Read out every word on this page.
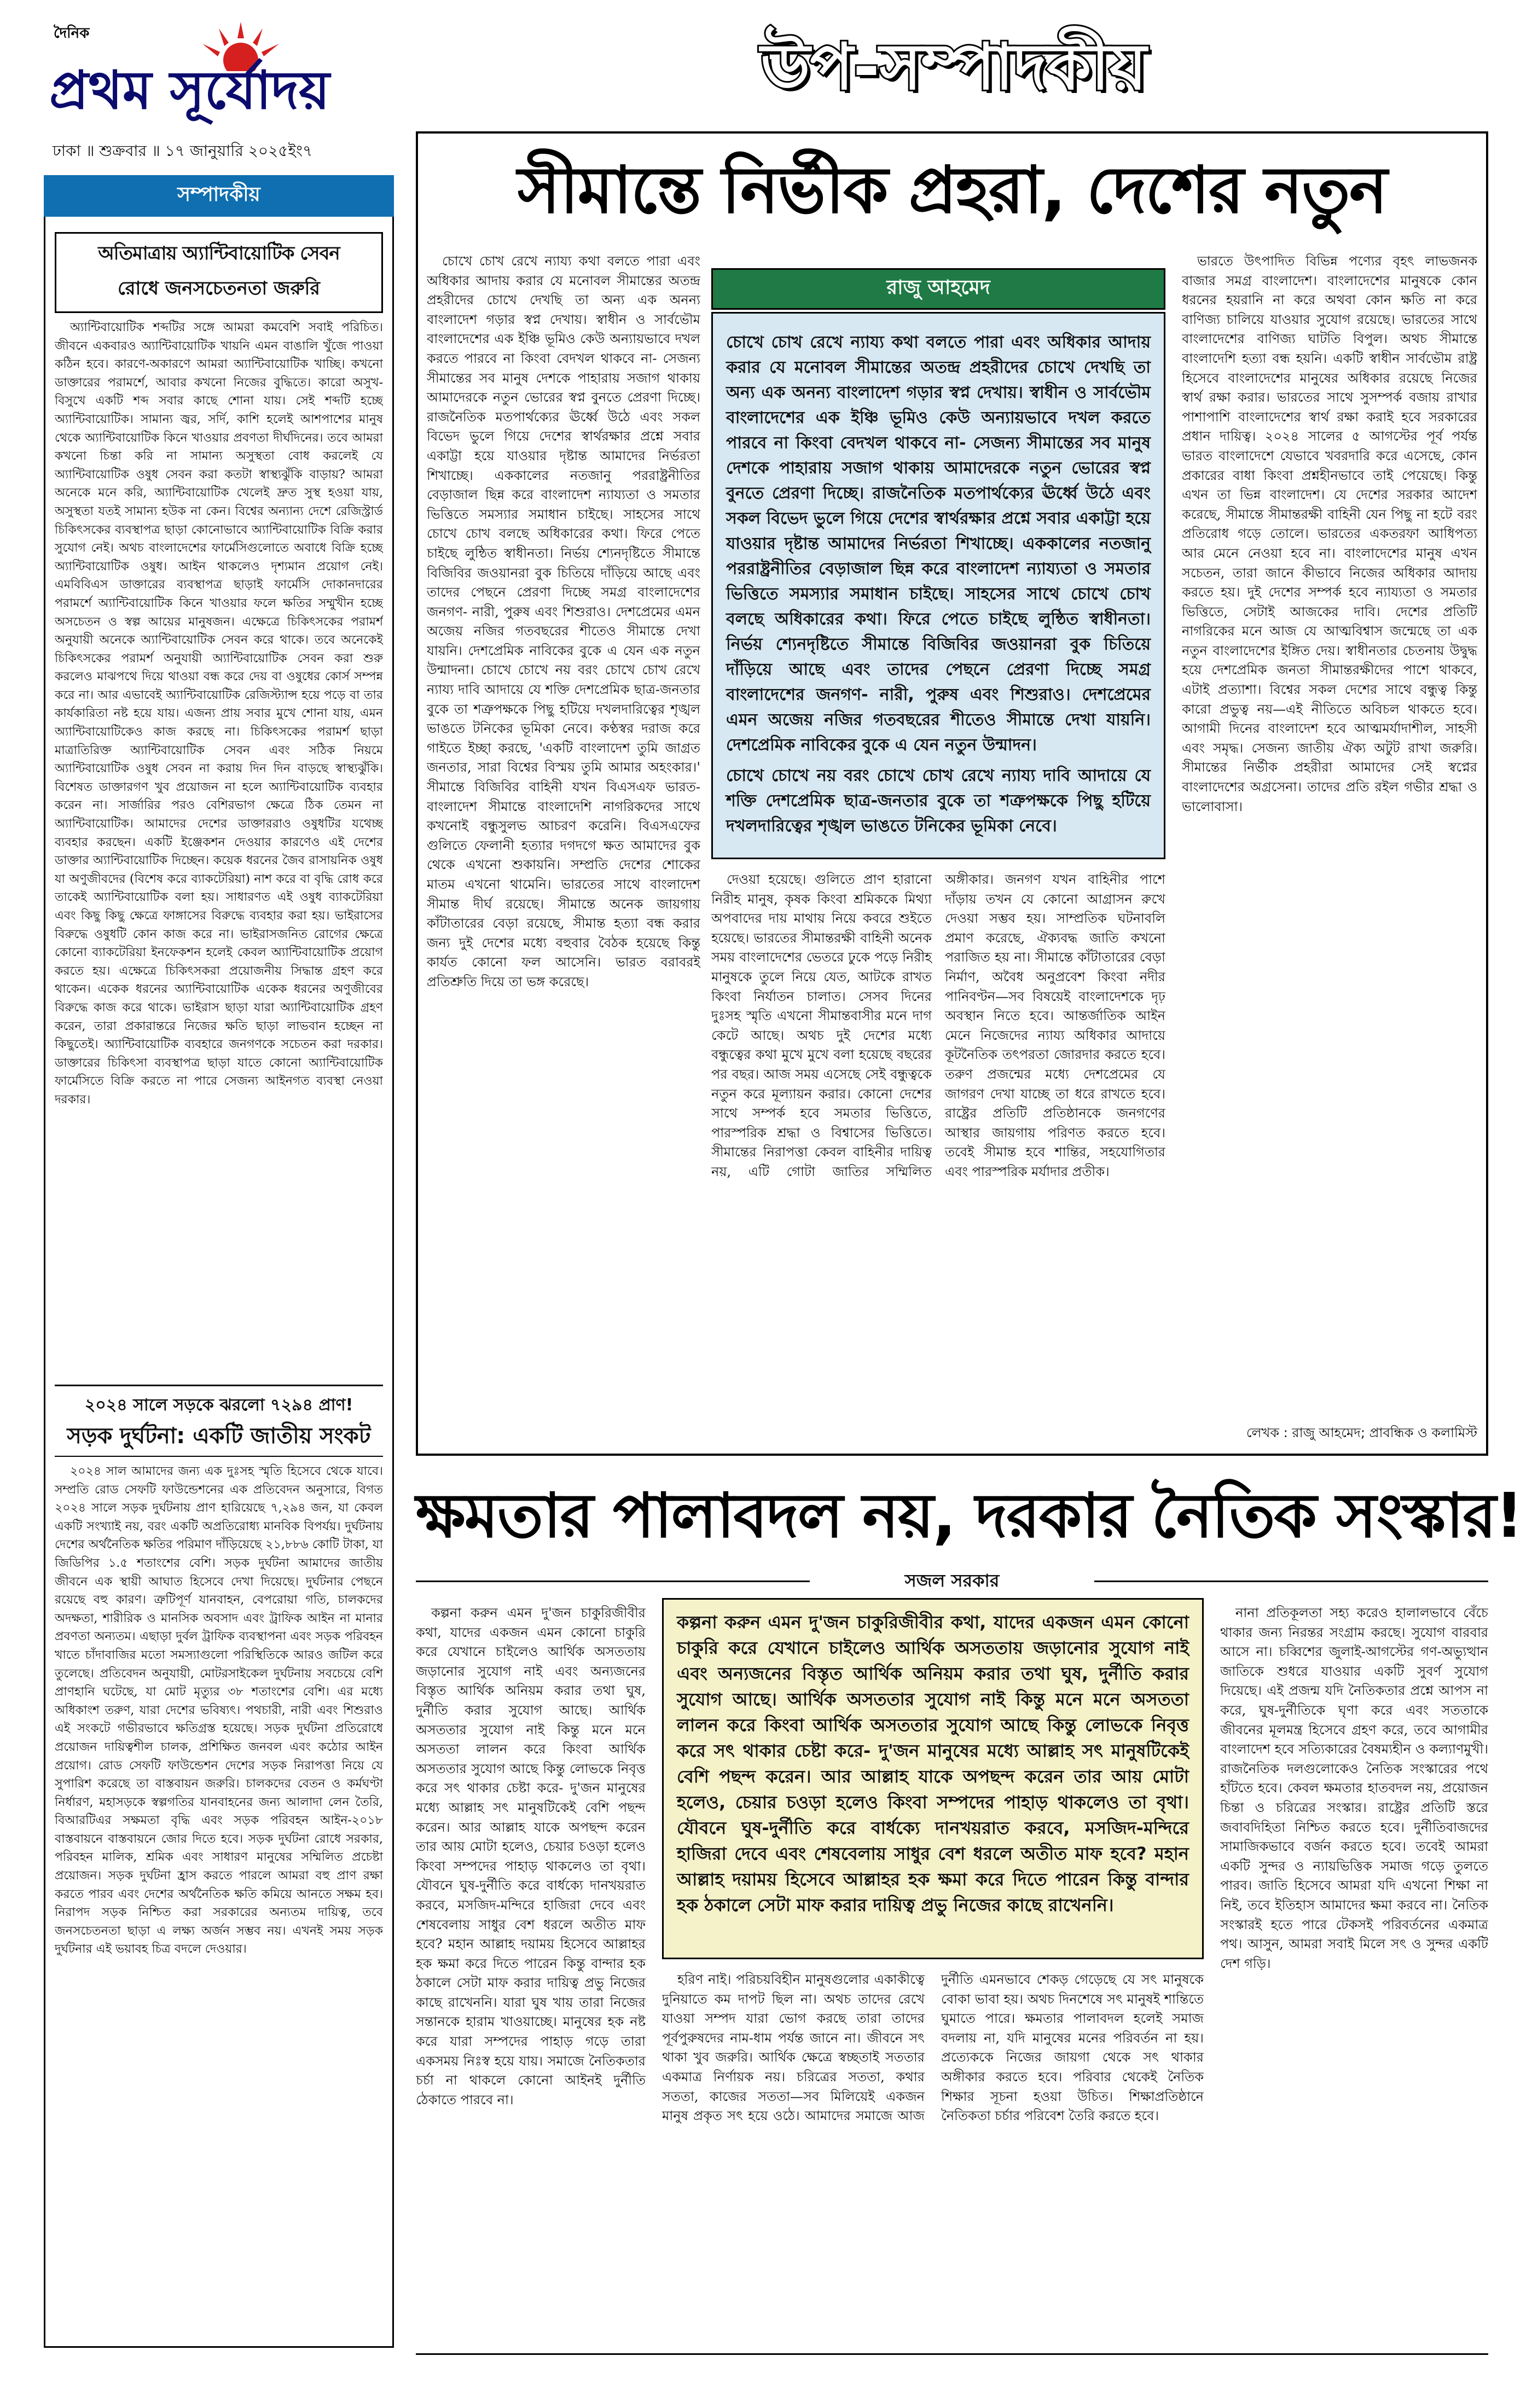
দৈনিক
প্রথম সূর্যোদয়
ঢাকা ॥ শুক্রবার ॥ ১৭ জানুয়ারি ২০২৫ইং৭
উপ-সম্পাদকীয়
সম্পাদকীয়
অতিমাত্রায় অ্যান্টিবায়োটিক সেবন
রোধে জনসচেতনতা জরুরি

অ্যান্টিবায়োটিক শব্দটির সঙ্গে আমরা কমবেশি সবাই পরিচিত। জীবনে একবারও অ্যান্টিবায়োটিক খায়নি এমন বাঙালি খুঁজে পাওয়া কঠিন হবে। কারণে-অকারণে আমরা অ্যান্টিবায়োটিক খাচ্ছি। কখনো ডাক্তারের পরামর্শে, আবার কখনো নিজের বুদ্ধিতে। কারো অসুখ-বিসুখে একটি শব্দ সবার কাছে শোনা যায়। সেই শব্দটি হচ্ছে অ্যান্টিবায়োটিক। সামান্য জ্বর, সর্দি, কাশি হলেই আশপাশের মানুষ থেকে অ্যান্টিবায়োটিক কিনে খাওয়ার প্রবণতা দীর্ঘদিনের। তবে আমরা কখনো চিন্তা করি না সামান্য অসুস্থতা বোধ করলেই যে অ্যান্টিবায়োটিক ওষুধ সেবন করা কতটা স্বাস্থ্যঝুঁকি বাড়ায়? আমরা অনেকে মনে করি, অ্যান্টিবায়োটিক খেলেই দ্রুত সুস্থ হওয়া যায়, অসুস্থতা যতই সামান্য হউক না কেন। বিশ্বের অন্যান্য দেশে রেজিস্ট্রার্ড চিকিৎসকের ব্যবস্থাপত্র ছাড়া কোনোভাবে অ্যান্টিবায়োটিক বিক্রি করার সুযোগ নেই। অথচ বাংলাদেশের ফার্মেসিগুলোতে অবাধে বিক্রি হচ্ছে অ্যান্টিবায়োটিক ওষুধ। আইন থাকলেও দৃশ্যমান প্রয়োগ নেই। এমবিবিএস ডাক্তারের ব্যবস্থাপত্র ছাড়াই ফার্মেসি দোকানদারের পরামর্শে অ্যান্টিবায়োটিক কিনে খাওয়ার ফলে ক্ষতির সম্মুখীন হচ্ছে অসচেতন ও স্বল্প আয়ের মানুষজন। এক্ষেত্রে চিকিৎসকের পরামর্শ অনুযায়ী অনেকে অ্যান্টিবায়োটিক সেবন করে থাকে। তবে অনেকেই চিকিৎসকের পরামর্শ অনুযায়ী অ্যান্টিবায়োটিক সেবন করা শুরু করলেও মাঝপথে দিয়ে থাওয়া বন্ধ করে দেয় বা ওষুধের কোর্স সম্পন্ন করে না। আর এভাবেই অ্যান্টিবায়োটিক রেজিস্ট্যান্স হয়ে পড়ে বা তার কার্যকারিতা নষ্ট হয়ে যায়। এজন্য প্রায় সবার মুখে শোনা যায়, এমন অ্যান্টিবায়োটিকেও কাজ করছে না। চিকিৎসকের পরামর্শ ছাড়া মাত্রাতিরিক্ত অ্যান্টিবায়োটিক সেবন এবং সঠিক নিয়মে অ্যান্টিবায়োটিক ওষুধ সেবন না করায় দিন দিন বাড়ছে স্বাস্থ্যঝুঁকি। বিশেষত ডাক্তারগণ খুব প্রয়োজন না হলে অ্যান্টিবায়োটিক ব্যবহার করেন না। সার্জারির পরও বেশিরভাগ ক্ষেত্রে ঠিক তেমন না অ্যান্টিবায়োটিক। আমাদের দেশের ডাক্তাররাও ওষুধটির যথেচ্ছ ব্যবহার করছেন। একটি ইঞ্জেকশন দেওয়ার কারণেও এই দেশের ডাক্তার অ্যান্টিবায়োটিক দিচ্ছেন। কয়েক ধরনের জৈব রাসায়নিক ওষুধ যা অণুজীবদের (বিশেষ করে ব্যাকটেরিয়া) নাশ করে বা বৃদ্ধি রোধ করে তাকেই অ্যান্টিবায়োটিক বলা হয়। সাধারণত এই ওষুধ ব্যাকটেরিয়া এবং কিছু কিছু ক্ষেত্রে ফাঙ্গাসের বিরুদ্ধে ব্যবহার করা হয়। ভাইরাসের বিরুদ্ধে ওষুধটি কোন কাজ করে না। ভাইরাসজনিত রোগের ক্ষেত্রে কোনো ব্যাকটেরিয়া ইনফেকশন হলেই কেবল অ্যান্টিবায়োটিক প্রয়োগ করতে হয়। এক্ষেত্রে চিকিৎসকরা প্রয়োজনীয় সিদ্ধান্ত গ্রহণ করে থাকেন। একেক ধরনের অ্যান্টিবায়োটিক একেক ধরনের অণুজীবের বিরুদ্ধে কাজ করে থাকে। ভাইরাস ছাড়া যারা অ্যান্টিবায়োটিক গ্রহণ করেন, তারা প্রকারান্তরে নিজের ক্ষতি ছাড়া লাভবান হচ্ছেন না কিছুতেই। অ্যান্টিবায়োটিক ব্যবহারে জনগণকে সচেতন করা দরকার। ডাক্তারের চিকিৎসা ব্যবস্থাপত্র ছাড়া যাতে কোনো অ্যান্টিবায়োটিক ফার্মেসিতে বিক্রি করতে না পারে সেজন্য আইনগত ব্যবস্থা নেওয়া দরকার।

২০২৪ সালে সড়কে ঝরলো ৭২৯৪ প্রাণ!
সড়ক দুর্ঘটনা: একটি জাতীয় সংকট

২০২৪ সাল আমাদের জন্য এক দুঃসহ স্মৃতি হিসেবে থেকে যাবে। সম্প্রতি রোড সেফটি ফাউন্ডেশনের এক প্রতিবেদন অনুসারে, বিগত ২০২৪ সালে সড়ক দুর্ঘটনায় প্রাণ হারিয়েছে ৭,২৯৪ জন, যা কেবল একটি সংখ্যাই নয়, বরং একটি অপ্রতিরোধ্য মানবিক বিপর্যয়। দুর্ঘটনায় দেশের অর্থনৈতিক ক্ষতির পরিমাণ দাঁড়িয়েছে ২১,৮৮৬ কোটি টাকা, যা জিডিপির ১.৫ শতাংশের বেশি। সড়ক দুর্ঘটনা আমাদের জাতীয় জীবনে এক স্থায়ী আঘাত হিসেবে দেখা দিয়েছে। দুর্ঘটনার পেছনে রয়েছে বহু কারণ। ত্রুটিপূর্ণ যানবাহন, বেপরোয়া গতি, চালকদের অদক্ষতা, শারীরিক ও মানসিক অবসাদ এবং ট্রাফিক আইন না মানার প্রবণতা অন্যতম। এছাড়া দুর্বল ট্রাফিক ব্যবস্থাপনা এবং সড়ক পরিবহন খাতে চাঁদাবাজির মতো সমস্যাগুলো পরিস্থিতিকে আরও জটিল করে তুলেছে। প্রতিবেদন অনুযায়ী, মোটরসাইকেল দুর্ঘটনায় সবচেয়ে বেশি প্রাণহানি ঘটেছে, যা মোট মৃত্যুর ৩৮ শতাংশের বেশি। এর মধ্যে অধিকাংশ তরুণ, যারা দেশের ভবিষ্যৎ। পথচারী, নারী এবং শিশুরাও এই সংকটে গভীরভাবে ক্ষতিগ্রস্ত হয়েছে। সড়ক দুর্ঘটনা প্রতিরোধে প্রয়োজন দায়িত্বশীল চালক, প্রশিক্ষিত জনবল এবং কঠোর আইন প্রয়োগ। রোড সেফটি ফাউন্ডেশন দেশের সড়ক নিরাপত্তা নিয়ে যে সুপারিশ করেছে তা বাস্তবায়ন জরুরি। চালকদের বেতন ও কর্মঘণ্টা নির্ধারণ, মহাসড়কে স্বল্পগতির যানবাহনের জন্য আলাদা লেন তৈরি, বিআরটিএর সক্ষমতা বৃদ্ধি এবং সড়ক পরিবহন আইন-২০১৮ বাস্তবায়নে বাস্তবায়নে জোর দিতে হবে। সড়ক দুর্ঘটনা রোধে সরকার, পরিবহন মালিক, শ্রমিক এবং সাধারণ মানুষের সম্মিলিত প্রচেষ্টা প্রয়োজন। সড়ক দুর্ঘটনা হ্রাস করতে পারলে আমরা বহু প্রাণ রক্ষা করতে পারব এবং দেশের অর্থনৈতিক ক্ষতি কমিয়ে আনতে সক্ষম হব। নিরাপদ সড়ক নিশ্চিত করা সরকারের অন্যতম দায়িত্ব, তবে জনসচেতনতা ছাড়া এ লক্ষ্য অর্জন সম্ভব নয়। এখনই সময় সড়ক দুর্ঘটনার এই ভয়াবহ চিত্র বদলে দেওয়ার।

সীমান্তে নির্ভীক প্রহরা, দেশের নতুন

চোখে চোখ রেখে ন্যায্য কথা বলতে পারা এবং অধিকার আদায় করার যে মনোবল সীমান্তের অতন্দ্র প্রহরীদের চোখে দেখছি তা অন্য এক অনন্য বাংলাদেশ গড়ার স্বপ্ন দেখায়। স্বাধীন ও সার্বভৌম বাংলাদেশের এক ইঞ্চি ভূমিও কেউ অন্যায়ভাবে দখল করতে পারবে না কিংবা বেদখল থাকবে না- সেজন্য সীমান্তের সব মানুষ দেশকে পাহারায় সজাগ থাকায় আমাদেরকে নতুন ভোরের স্বপ্ন বুনতে প্রেরণা দিচ্ছে। রাজনৈতিক মতপার্থক্যের ঊর্ধ্বে উঠে এবং সকল বিভেদ ভুলে গিয়ে দেশের স্বার্থরক্ষার প্রশ্নে সবার একাট্টা হয়ে যাওয়ার দৃষ্টান্ত আমাদের নির্ভরতা শিখাচ্ছে। এককালের নতজানু পররাষ্ট্রনীতির বেড়াজাল ছিন্ন করে বাংলাদেশ ন্যায্যতা ও সমতার ভিত্তিতে সমস্যার সমাধান চাইছে। সাহসের সাথে চোখে চোখ বলছে অধিকারের কথা। ফিরে পেতে চাইছে লুন্ঠিত স্বাধীনতা। নির্ভয় শ্যেনদৃষ্টিতে সীমান্তে বিজিবির জওয়ানরা বুক চিতিয়ে দাঁড়িয়ে আছে এবং তাদের পেছনে প্রেরণা দিচ্ছে সমগ্র বাংলাদেশের জনগণ- নারী, পুরুষ এবং শিশুরাও। দেশপ্রেমের এমন অজেয় নজির গতবছরের শীতেও সীমান্তে দেখা যায়নি। দেশপ্রেমিক নাবিকের বুকে এ যেন এক নতুন উন্মাদনা। চোখে চোখে নয় বরং চোখে চোখ রেখে ন্যায্য দাবি আদায়ে যে শক্তি দেশপ্রেমিক ছাত্র-জনতার বুকে তা শত্রুপক্ষকে পিছু হটিয়ে দখলদারিত্বের শৃঙ্খল ভাঙতে টনিকের ভূমিকা নেবে। কণ্ঠস্বর দরাজ করে গাইতে ইচ্ছা করছে, 'একটি বাংলাদেশ তুমি জাগ্রত জনতার, সারা বিশ্বের বিস্ময় তুমি আমার অহংকার।' সীমান্তে বিজিবির বাহিনী যখন বিএসএফ ভারত-বাংলাদেশ সীমান্তে বাংলাদেশি নাগরিকদের সাথে কখনোই বন্ধুসুলভ আচরণ করেনি। বিএসএফের গুলিতে ফেলানী হত্যার দগদগে ক্ষত আমাদের বুক থেকে এখনো শুকায়নি। সম্প্রতি দেশের শোকের মাতম এখনো থামেনি। ভারতের সাথে বাংলাদেশ সীমান্ত দীর্ঘ রয়েছে। সীমান্তে অনেক জায়গায় কাঁটাতারের বেড়া রয়েছে, সীমান্ত হত্যা বন্ধ করার জন্য দুই দেশের মধ্যে বহুবার বৈঠক হয়েছে কিন্তু কার্যত কোনো ফল আসেনি। ভারত বরাবরই প্রতিশ্রুতি দিয়ে তা ভঙ্গ করেছে।

রাজু আহমেদ

চোখে চোখ রেখে ন্যায্য কথা বলতে পারা এবং অধিকার আদায় করার যে মনোবল সীমান্তের অতন্দ্র প্রহরীদের চোখে দেখছি তা অন্য এক অনন্য বাংলাদেশ গড়ার স্বপ্ন দেখায়। স্বাধীন ও সার্বভৌম বাংলাদেশের এক ইঞ্চি ভূমিও কেউ অন্যায়ভাবে দখল করতে পারবে না কিংবা বেদখল থাকবে না- সেজন্য সীমান্তের সব মানুষ দেশকে পাহারায় সজাগ থাকায় আমাদেরকে নতুন ভোরের স্বপ্ন বুনতে প্রেরণা দিচ্ছে। রাজনৈতিক মতপার্থক্যের ঊর্ধ্বে উঠে এবং সকল বিভেদ ভুলে গিয়ে দেশের স্বার্থরক্ষার প্রশ্নে সবার একাট্টা হয়ে যাওয়ার দৃষ্টান্ত আমাদের নির্ভরতা শিখাচ্ছে। এককালের নতজানু পররাষ্ট্রনীতির বেড়াজাল ছিন্ন করে বাংলাদেশ ন্যায্যতা ও সমতার ভিত্তিতে সমস্যার সমাধান চাইছে। সাহসের সাথে চোখে চোখ বলছে অধিকারের কথা। ফিরে পেতে চাইছে লুন্ঠিত স্বাধীনতা। নির্ভয় শ্যেনদৃষ্টিতে সীমান্তে বিজিবির জওয়ানরা বুক চিতিয়ে দাঁড়িয়ে আছে এবং তাদের পেছনে প্রেরণা দিচ্ছে সমগ্র বাংলাদেশের জনগণ- নারী, পুরুষ এবং শিশুরাও। দেশপ্রেমের এমন অজেয় নজির গতবছরের শীতেও সীমান্তে দেখা যায়নি। দেশপ্রেমিক নাবিকের বুকে এ যেন নতুন উন্মাদন।

চোখে চোখে নয় বরং চোখে চোখ রেখে ন্যায্য দাবি আদায়ে যে শক্তি দেশপ্রেমিক ছাত্র-জনতার বুকে তা শত্রুপক্ষকে পিছু হটিয়ে দখলদারিত্বের শৃঙ্খল ভাঙতে টনিকের ভূমিকা নেবে।

দেওয়া হয়েছে। গুলিতে প্রাণ হারানো নিরীহ মানুষ, কৃষক কিংবা শ্রমিককে মিথ্যা অপবাদের দায় মাথায় নিয়ে কবরে শুইতে হয়েছে। ভারতের সীমান্তরক্ষী বাহিনী অনেক সময় বাংলাদেশের ভেতরে ঢুকে পড়ে নিরীহ মানুষকে তুলে নিয়ে যেত, আটকে রাখত কিংবা নির্যাতন চালাত। সেসব দিনের দুঃসহ স্মৃতি এখনো সীমান্তবাসীর মনে দাগ কেটে আছে। অথচ দুই দেশের মধ্যে বন্ধুত্বের কথা মুখে মুখে বলা হয়েছে বছরের পর বছর। আজ সময় এসেছে সেই বন্ধুত্বকে নতুন করে মূল্যায়ন করার। কোনো দেশের সাথে সম্পর্ক হবে সমতার ভিত্তিতে, পারস্পরিক শ্রদ্ধা ও বিশ্বাসের ভিত্তিতে। সীমান্তের নিরাপত্তা কেবল বাহিনীর দায়িত্ব নয়, এটি গোটা জাতির সম্মিলিত অঙ্গীকার। জনগণ যখন বাহিনীর পাশে দাঁড়ায় তখন যে কোনো আগ্রাসন রুখে দেওয়া সম্ভব হয়। সাম্প্রতিক ঘটনাবলি প্রমাণ করেছে, ঐক্যবদ্ধ জাতি কখনো পরাজিত হয় না। সীমান্তে কাঁটাতারের বেড়া নির্মাণ, অবৈধ অনুপ্রবেশ কিংবা নদীর পানিবণ্টন—সব বিষয়েই বাংলাদেশকে দৃঢ় অবস্থান নিতে হবে। আন্তর্জাতিক আইন মেনে নিজেদের ন্যায্য অধিকার আদায়ে কূটনৈতিক তৎপরতা জোরদার করতে হবে। তরুণ প্রজন্মের মধ্যে দেশপ্রেমের যে জাগরণ দেখা যাচ্ছে তা ধরে রাখতে হবে। রাষ্ট্রের প্রতিটি প্রতিষ্ঠানকে জনগণের আস্থার জায়গায় পরিণত করতে হবে। তবেই সীমান্ত হবে শান্তির, সহযোগিতার এবং পারস্পরিক মর্যাদার প্রতীক।

ভারতে উৎপাদিত বিভিন্ন পণ্যের বৃহৎ লাভজনক বাজার সমগ্র বাংলাদেশ। বাংলাদেশের মানুষকে কোন ধরনের হয়রানি না করে অথবা কোন ক্ষতি না করে বাণিজ্য চালিয়ে যাওয়ার সুযোগ রয়েছে। ভারতের সাথে বাংলাদেশের বাণিজ্য ঘাটতি বিপুল। অথচ সীমান্তে বাংলাদেশি হত্যা বন্ধ হয়নি। একটি স্বাধীন সার্বভৌম রাষ্ট্র হিসেবে বাংলাদেশের মানুষের অধিকার রয়েছে নিজের স্বার্থ রক্ষা করার। ভারতের সাথে সুসম্পর্ক বজায় রাখার পাশাপাশি বাংলাদেশের স্বার্থ রক্ষা করাই হবে সরকারের প্রধান দায়িত্ব। ২০২৪ সালের ৫ আগস্টের পূর্ব পর্যন্ত ভারত বাংলাদেশে যেভাবে খবরদারি করে এসেছে, কোন প্রকারের বাধা কিংবা প্রশ্নহীনভাবে তাই পেয়েছে। কিন্তু এখন তা ভিন্ন বাংলাদেশ। যে দেশের সরকার আদেশ করেছে, সীমান্তে সীমান্তরক্ষী বাহিনী যেন পিছু না হটে বরং প্রতিরোধ গড়ে তোলে। ভারতের একতরফা আধিপত্য আর মেনে নেওয়া হবে না। বাংলাদেশের মানুষ এখন সচেতন, তারা জানে কীভাবে নিজের অধিকার আদায় করতে হয়। দুই দেশের সম্পর্ক হবে ন্যায্যতা ও সমতার ভিত্তিতে, সেটাই আজকের দাবি। দেশের প্রতিটি নাগরিকের মনে আজ যে আত্মবিশ্বাস জন্মেছে তা এক নতুন বাংলাদেশের ইঙ্গিত দেয়। স্বাধীনতার চেতনায় উদ্বুদ্ধ হয়ে দেশপ্রেমিক জনতা সীমান্তরক্ষীদের পাশে থাকবে, এটাই প্রত্যাশা। বিশ্বের সকল দেশের সাথে বন্ধুত্ব কিন্তু কারো প্রভুত্ব নয়—এই নীতিতে অবিচল থাকতে হবে। আগামী দিনের বাংলাদেশ হবে আত্মমর্যাদাশীল, সাহসী এবং সমৃদ্ধ। সেজন্য জাতীয় ঐক্য অটুট রাখা জরুরি। সীমান্তের নির্ভীক প্রহরীরা আমাদের সেই স্বপ্নের বাংলাদেশের অগ্রসেনা। তাদের প্রতি রইল গভীর শ্রদ্ধা ও ভালোবাসা।

লেখক : রাজু আহমেদ; প্রাবন্ধিক ও কলামিস্ট
ক্ষমতার পালাবদল নয়, দরকার নৈতিক সংস্কার!
সজল সরকার

কল্পনা করুন এমন দু'জন চাকুরিজীবীর কথা, যাদের একজন এমন কোনো চাকুরি করে যেখানে চাইলেও আর্থিক অসততায় জড়ানোর সুযোগ নাই এবং অন্যজনের বিস্তৃত আর্থিক অনিয়ম করার তথা ঘুষ, দুর্নীতি করার সুযোগ আছে। আর্থিক অসততার সুযোগ নাই কিন্তু মনে মনে অসততা লালন করে কিংবা আর্থিক অসততার সুযোগ আছে কিন্তু লোভকে নিবৃত্ত করে সৎ থাকার চেষ্টা করে- দু'জন মানুষের মধ্যে আল্লাহ সৎ মানুষটিকেই বেশি পছন্দ করেন। আর আল্লাহ যাকে অপছন্দ করেন তার আয় মোটা হলেও, চেয়ার চওড়া হলেও কিংবা সম্পদের পাহাড় থাকলেও তা বৃথা। যৌবনে ঘুষ-দুর্নীতি করে বার্ধক্যে দানখয়রাত করবে, মসজিদ-মন্দিরে হাজিরা দেবে এবং শেষবেলায় সাধুর বেশ ধরলে অতীত মাফ হবে? মহান আল্লাহ দয়াময় হিসেবে আল্লাহর হক ক্ষমা করে দিতে পারেন কিন্তু বান্দার হক ঠকালে সেটা মাফ করার দায়িত্ব প্রভু নিজের কাছে রাখেননি। যারা ঘুষ খায় তারা নিজের সন্তানকে হারাম খাওয়াচ্ছে। মানুষের হক নষ্ট করে যারা সম্পদের পাহাড় গড়ে তারা একসময় নিঃস্ব হয়ে যায়। সমাজে নৈতিকতার চর্চা না থাকলে কোনো আইনই দুর্নীতি ঠেকাতে পারবে না।

কল্পনা করুন এমন দু'জন চাকুরিজীবীর কথা, যাদের একজন এমন কোনো চাকুরি করে যেখানে চাইলেও আর্থিক অসততায় জড়ানোর সুযোগ নাই এবং অন্যজনের বিস্তৃত আর্থিক অনিয়ম করার তথা ঘুষ, দুর্নীতি করার সুযোগ আছে। আর্থিক অসততার সুযোগ নাই কিন্তু মনে মনে অসততা লালন করে কিংবা আর্থিক অসততার সুযোগ আছে কিন্তু লোভকে নিবৃত্ত করে সৎ থাকার চেষ্টা করে- দু'জন মানুষের মধ্যে আল্লাহ সৎ মানুষটিকেই বেশি পছন্দ করেন। আর আল্লাহ যাকে অপছন্দ করেন তার আয় মোটা হলেও, চেয়ার চওড়া হলেও কিংবা সম্পদের পাহাড় থাকলেও তা বৃথা। যৌবনে ঘুষ-দুর্নীতি করে বার্ধক্যে দানখয়রাত করবে, মসজিদ-মন্দিরে হাজিরা দেবে এবং শেষবেলায় সাধুর বেশ ধরলে অতীত মাফ হবে? মহান আল্লাহ দয়াময় হিসেবে আল্লাহর হক ক্ষমা করে দিতে পারেন কিন্তু বান্দার হক ঠকালে সেটা মাফ করার দায়িত্ব প্রভু নিজের কাছে রাখেননি।

হরিণ নাই। পরিচয়বিহীন মানুষগুলোর একাকীত্বে দুনিয়াতে কম দাপট ছিল না। অথচ তাদের রেখে যাওয়া সম্পদ যারা ভোগ করছে তারা তাদের পূর্বপুরুষদের নাম-ধাম পর্যন্ত জানে না। জীবনে সৎ থাকা খুব জরুরি। আর্থিক ক্ষেত্রে স্বচ্ছতাই সততার একমাত্র নির্ণায়ক নয়। চরিত্রের সততা, কথার সততা, কাজের সততা—সব মিলিয়েই একজন মানুষ প্রকৃত সৎ হয়ে ওঠে। আমাদের সমাজে আজ দুর্নীতি এমনভাবে শেকড় গেড়েছে যে সৎ মানুষকে বোকা ভাবা হয়। অথচ দিনশেষে সৎ মানুষই শান্তিতে ঘুমাতে পারে। ক্ষমতার পালাবদল হলেই সমাজ বদলায় না, যদি মানুষের মনের পরিবর্তন না হয়। প্রত্যেককে নিজের জায়গা থেকে সৎ থাকার অঙ্গীকার করতে হবে। পরিবার থেকেই নৈতিক শিক্ষার সূচনা হওয়া উচিত। শিক্ষাপ্রতিষ্ঠানে নৈতিকতা চর্চার পরিবেশ তৈরি করতে হবে।

নানা প্রতিকূলতা সহ্য করেও হালালভাবে বেঁচে থাকার জন্য নিরন্তর সংগ্রাম করছে। সুযোগ বারবার আসে না। চব্বিশের জুলাই-আগস্টের গণ-অভ্যুত্থান জাতিকে শুধরে যাওয়ার একটি সুবর্ণ সুযোগ দিয়েছে। এই প্রজন্ম যদি নৈতিকতার প্রশ্নে আপস না করে, ঘুষ-দুর্নীতিকে ঘৃণা করে এবং সততাকে জীবনের মূলমন্ত্র হিসেবে গ্রহণ করে, তবে আগামীর বাংলাদেশ হবে সত্যিকারের বৈষম্যহীন ও কল্যাণমুখী। রাজনৈতিক দলগুলোকেও নৈতিক সংস্কারের পথে হাঁটতে হবে। কেবল ক্ষমতার হাতবদল নয়, প্রয়োজন চিন্তা ও চরিত্রের সংস্কার। রাষ্ট্রের প্রতিটি স্তরে জবাবদিহিতা নিশ্চিত করতে হবে। দুর্নীতিবাজদের সামাজিকভাবে বর্জন করতে হবে। তবেই আমরা একটি সুন্দর ও ন্যায়ভিত্তিক সমাজ গড়ে তুলতে পারব। জাতি হিসেবে আমরা যদি এখনো শিক্ষা না নিই, তবে ইতিহাস আমাদের ক্ষমা করবে না। নৈতিক সংস্কারই হতে পারে টেকসই পরিবর্তনের একমাত্র পথ। আসুন, আমরা সবাই মিলে সৎ ও সুন্দর একটি দেশ গড়ি।
